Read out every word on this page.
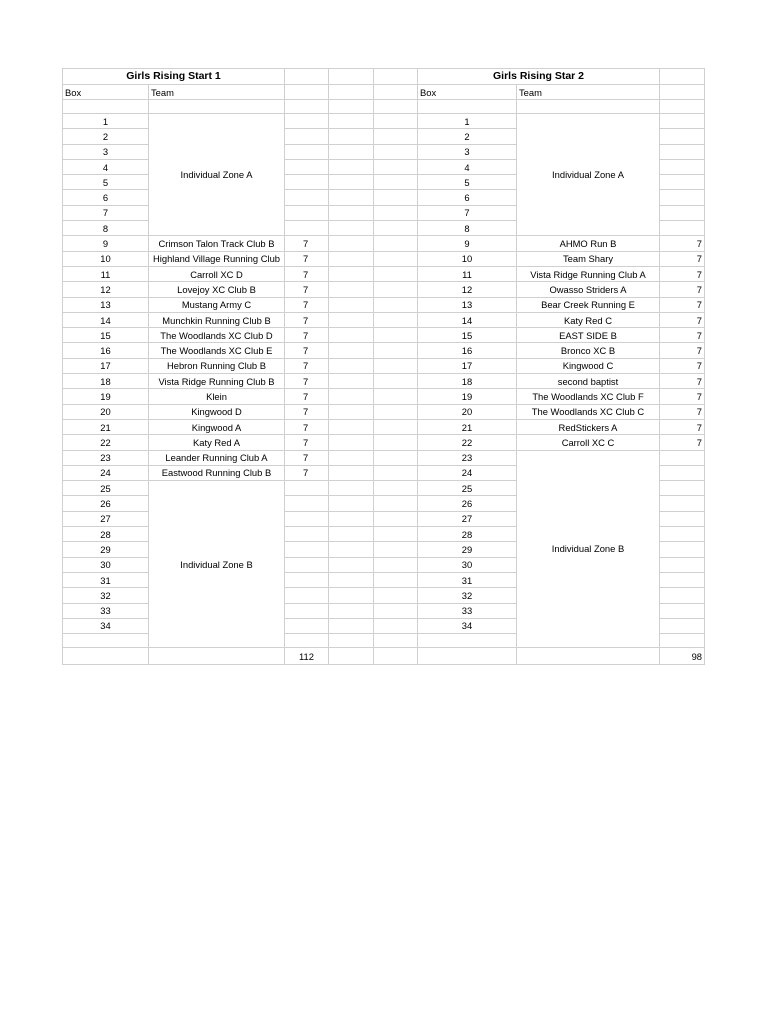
Girls Rising Start 1					Girls Rising Star 2		
Box	Team				Box	Team	

1	Individual Zone A				1	Individual Zone A	
2					2		
3					3		
4					4		
5					5		
6					6		
7					7		
8					8		
9	Crimson Talon Track Club B	7			9	AHMO Run B	7
10	Highland Village Running Club	7			10	Team Shary	7
11	Carroll XC D	7			11	Vista Ridge Running Club A	7
12	Lovejoy XC Club B	7			12	Owasso Striders A	7
13	Mustang Army C	7			13	Bear Creek Running E	7
14	Munchkin Running Club B	7			14	Katy Red C	7
15	The Woodlands XC Club D	7			15	EAST SIDE B	7
16	The Woodlands XC Club E	7			16	Bronco XC B	7
17	Hebron Running Club B	7			17	Kingwood C	7
18	Vista Ridge Running Club B	7			18	second baptist	7
19	Klein	7			19	The Woodlands XC Club F	7
20	Kingwood D	7			20	The Woodlands XC Club C	7
21	Kingwood A	7			21	RedStickers A	7
22	Katy Red A	7			22	Carroll XC C	7
23	Leander Running Club A	7			23	Individual Zone B	
24	Eastwood Running Club B	7			24		
25	Individual Zone B				25		
26					26		
27					27		
28					28		
29					29		
30					30		
31					31		
32					32		
33					33		
34					34		

		112					98
